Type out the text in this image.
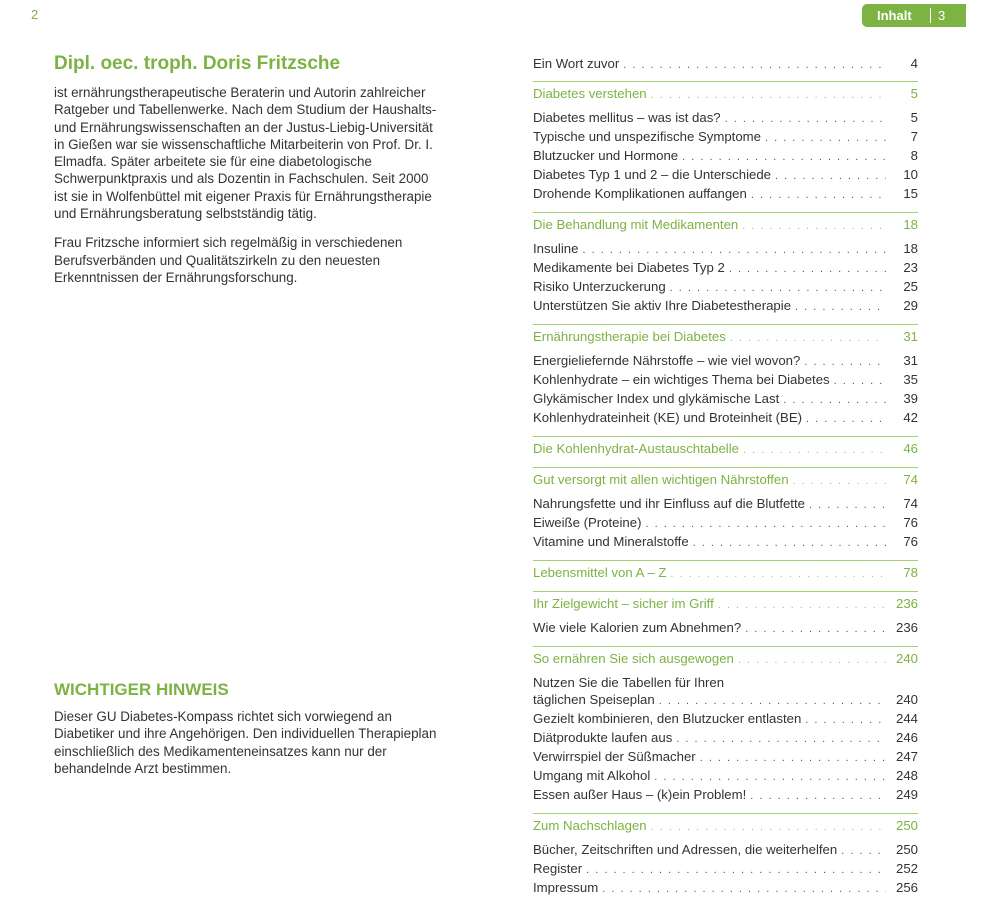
2	Inhalt	3
Dipl. oec. troph. Doris Fritzsche

ist ernährungstherapeutische Beraterin und Autorin zahlreicher Ratgeber und Tabellenwerke. Nach dem Studium der Haushalts- und Ernährungswissenschaften an der Justus-Liebig-Universität in Gießen war sie wissenschaftliche Mitarbeiterin von Prof. Dr. I. Elmadfa. Später arbeitete sie für eine diabetologische Schwerpunktpraxis und als Dozentin in Fachschulen. Seit 2000 ist sie in Wolfenbüttel mit eigener Praxis für Ernährungstherapie und Ernährungsberatung selbstständig tätig.

Frau Fritzsche informiert sich regelmäßig in verschiedenen Berufsverbänden und Qualitätszirkeln zu den neuesten Erkenntnissen der Ernährungsforschung.

WICHTIGER HINWEIS

Dieser GU Diabetes-Kompass richtet sich vorwiegend an Diabetiker und ihre Angehörigen. Den individuellen Therapieplan einschließlich des Medikamenteneinsatzes kann nur der behandelnde Arzt bestimmen.

Ein Wort zuvor . . .	4
Diabetes verstehen . . .	5
Diabetes mellitus – was ist das? . . .	5
Typische und unspezifische Symptome . . .	7
Blutzucker und Hormone . . .	8
Diabetes Typ 1 und 2 – die Unterschiede . . .	10
Drohende Komplikationen auffangen . . .	15
Die Behandlung mit Medikamenten . . .	18
Insuline . . .	18
Medikamente bei Diabetes Typ 2 . . .	23
Risiko Unterzuckerung . . .	25
Unterstützen Sie aktiv Ihre Diabetestherapie . . .	29
Ernährungstherapie bei Diabetes . . .	31
Energieliefernde Nährstoffe – wie viel wovon? . . .	31
Kohlenhydrate – ein wichtiges Thema bei Diabetes . . .	35
Glykämischer Index und glykämische Last . . .	39
Kohlenhydrateinheit (KE) und Broteinheit (BE) . . .	42
Die Kohlenhydrat-Austauschtabelle . . .	46
Gut versorgt mit allen wichtigen Nährstoffen . . .	74
Nahrungsfette und ihr Einfluss auf die Blutfette . . .	74
Eiweiße (Proteine) . . .	76
Vitamine und Mineralstoffe . . .	76
Lebensmittel von A – Z . . .	78
Ihr Zielgewicht – sicher im Griff . . .	236
Wie viele Kalorien zum Abnehmen? . . .	236
So ernähren Sie sich ausgewogen . . .	240
Nutzen Sie die Tabellen für Ihren
täglichen Speiseplan . . .	240
Gezielt kombinieren, den Blutzucker entlasten . . .	244
Diätprodukte laufen aus . . .	246
Verwirrspiel der Süßmacher . . .	247
Umgang mit Alkohol . . .	248
Essen außer Haus – (k)ein Problem! . . .	249
Zum Nachschlagen . . .	250
Bücher, Zeitschriften und Adressen, die weiterhelfen . . .	250
Register . . .	252
Impressum . . .	256
